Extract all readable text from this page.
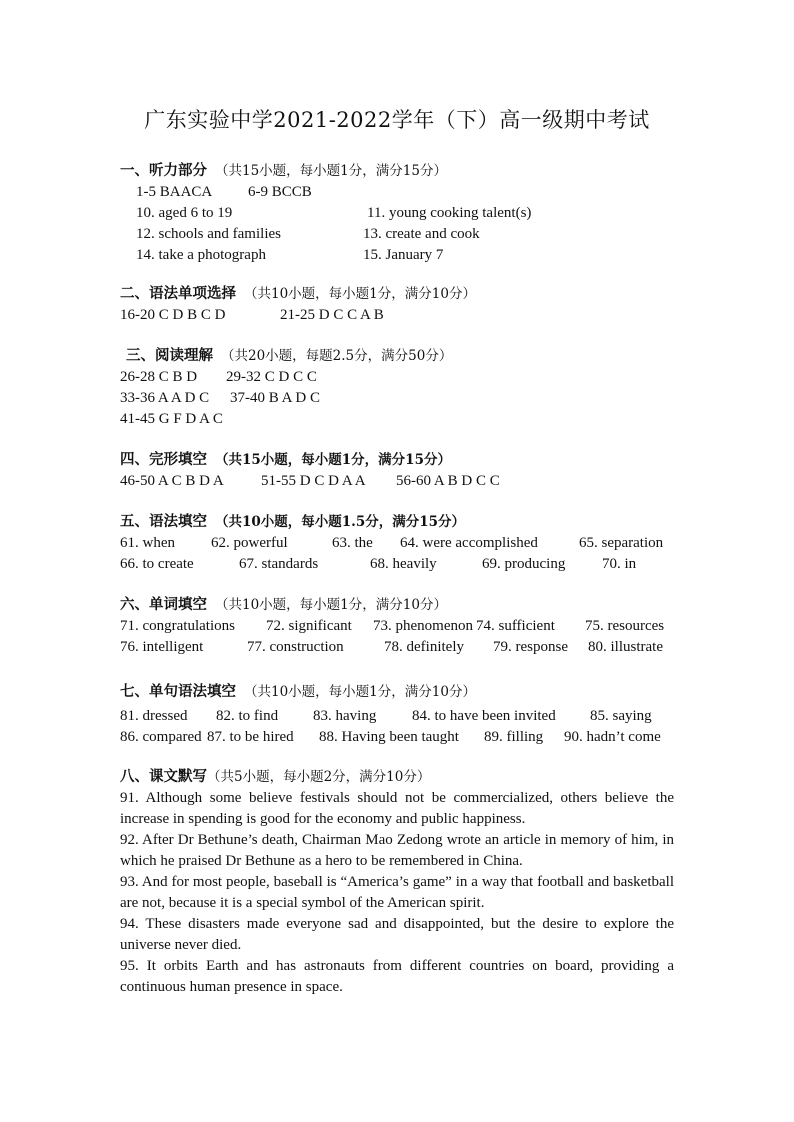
广东实验中学2021-2022学年（下）高一级期中考试
一、听力部分 （共15小题，每小题1分，满分15分）
1-5 BAACA 6-9 BCCB
10. aged 6 to 19	11. young cooking talent(s)
12. schools and families	13. create and cook
14. take a photograph	15. January 7
二、语法单项选择 （共10小题，每小题1分，满分10分）
16-20 C D B C D	21-25 D C C A B
三、阅读理解 （共20小题，每题2.5分，满分50分）
26-28 C B D 29-32 C D C C
33-36 A A D C 37-40 B A D C
41-45 G F D A C
四、完形填空 （共15小题，每小题1分，满分15分）
46-50 A C B D A 51-55 D C D A A 56-60 A B D C C
五、语法填空 （共10小题，每小题1.5分，满分15分）
61. when 62. powerful	63. the 64. were accomplished	65. separation
66. to create	67. standards	68. heavily	69. producing 70. in
六、单词填空 （共10小题，每小题1分，满分10分）
71. congratulations 72. significant 73. phenomenon 74. sufficient 75. resources
76. intelligent	77. construction	78. definitely 79. response 80. illustrate
七、单句语法填空 （共10小题，每小题1分，满分10分）
81. dressed 82. to find 83. having 84. to have been invited 85. saying
86. compared 87. to be hired 88. Having been taught 89. filling 90. hadn’t come
八、课文默写（共5小题，每小题2分，满分10分）
91. Although some believe festivals should not be commercialized, others believe the increase in spending is good for the economy and public happiness.
92. After Dr Bethune’s death, Chairman Mao Zedong wrote an article in memory of him, in which he praised Dr Bethune as a hero to be remembered in China.
93. And for most people, baseball is “America’s game” in a way that football and basketball are not, because it is a special symbol of the American spirit.
94. These disasters made everyone sad and disappointed, but the desire to explore the universe never died.
95. It orbits Earth and has astronauts from different countries on board, providing a continuous human presence in space.
